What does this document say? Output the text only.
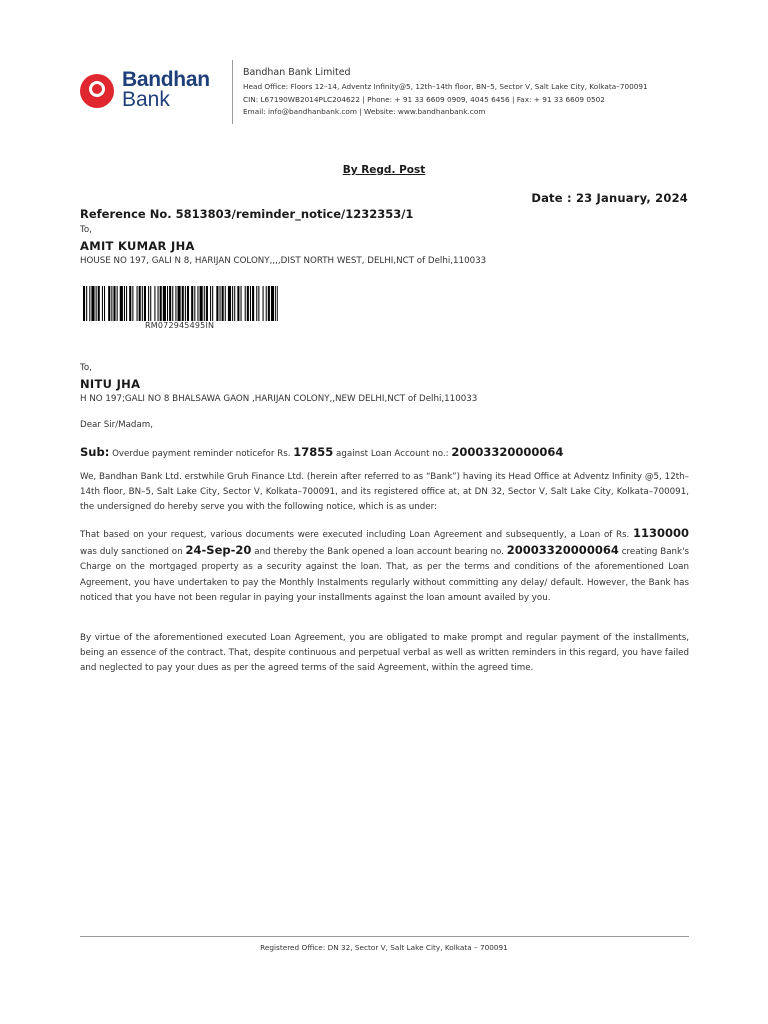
Bandhan
Bank
Bandhan Bank Limited
Head Office: Floors 12–14, Adventz Infinity@5, 12th–14th floor, BN–5, Sector V, Salt Lake City, Kolkata–700091
CIN: L67190WB2014PLC204622 | Phone: + 91 33 6609 0909, 4045 6456 | Fax: + 91 33 6609 0502
Email: info@bandhanbank.com | Website: www.bandhanbank.com
By Regd. Post
Date : 23 January, 2024
Reference No. 5813803/reminder_notice/1232353/1
To,
AMIT KUMAR JHA
HOUSE NO 197, GALI N 8, HARIJAN COLONY,,,,DIST NORTH WEST, DELHI,NCT of Delhi,110033
RM072945495IN
To,
NITU JHA
H NO 197;GALI NO 8 BHALSAWA GAON ,HARIJAN COLONY,,NEW DELHI,NCT of Delhi,110033
Dear Sir/Madam,
Sub: Overdue payment reminder noticefor Rs. 17855 against Loan Account no.: 20003320000064
We, Bandhan Bank Ltd. erstwhile Gruh Finance Ltd. (herein after referred to as “Bank”) having its Head Office at Adventz Infinity @5, 12th–14th floor, BN–5, Salt Lake City, Sector V, Kolkata–700091, and its registered office at, at DN 32, Sector V, Salt Lake City, Kolkata–700091, the undersigned do hereby serve you with the following notice, which is as under:
That based on your request, various documents were executed including Loan Agreement and subsequently, a Loan of Rs. 1130000 was duly sanctioned on 24-Sep-20 and thereby the Bank opened a loan account bearing no. 20003320000064 creating Bank's Charge on the mortgaged property as a security against the loan. That, as per the terms and conditions of the aforementioned Loan Agreement, you have undertaken to pay the Monthly Instalments regularly without committing any delay/ default. However, the Bank has noticed that you have not been regular in paying your installments against the loan amount availed by you.
By virtue of the aforementioned executed Loan Agreement, you are obligated to make prompt and regular payment of the installments, being an essence of the contract. That, despite continuous and perpetual verbal as well as written reminders in this regard, you have failed and neglected to pay your dues as per the agreed terms of the said Agreement, within the agreed time.
Registered Office: DN 32, Sector V, Salt Lake City, Kolkata – 700091
